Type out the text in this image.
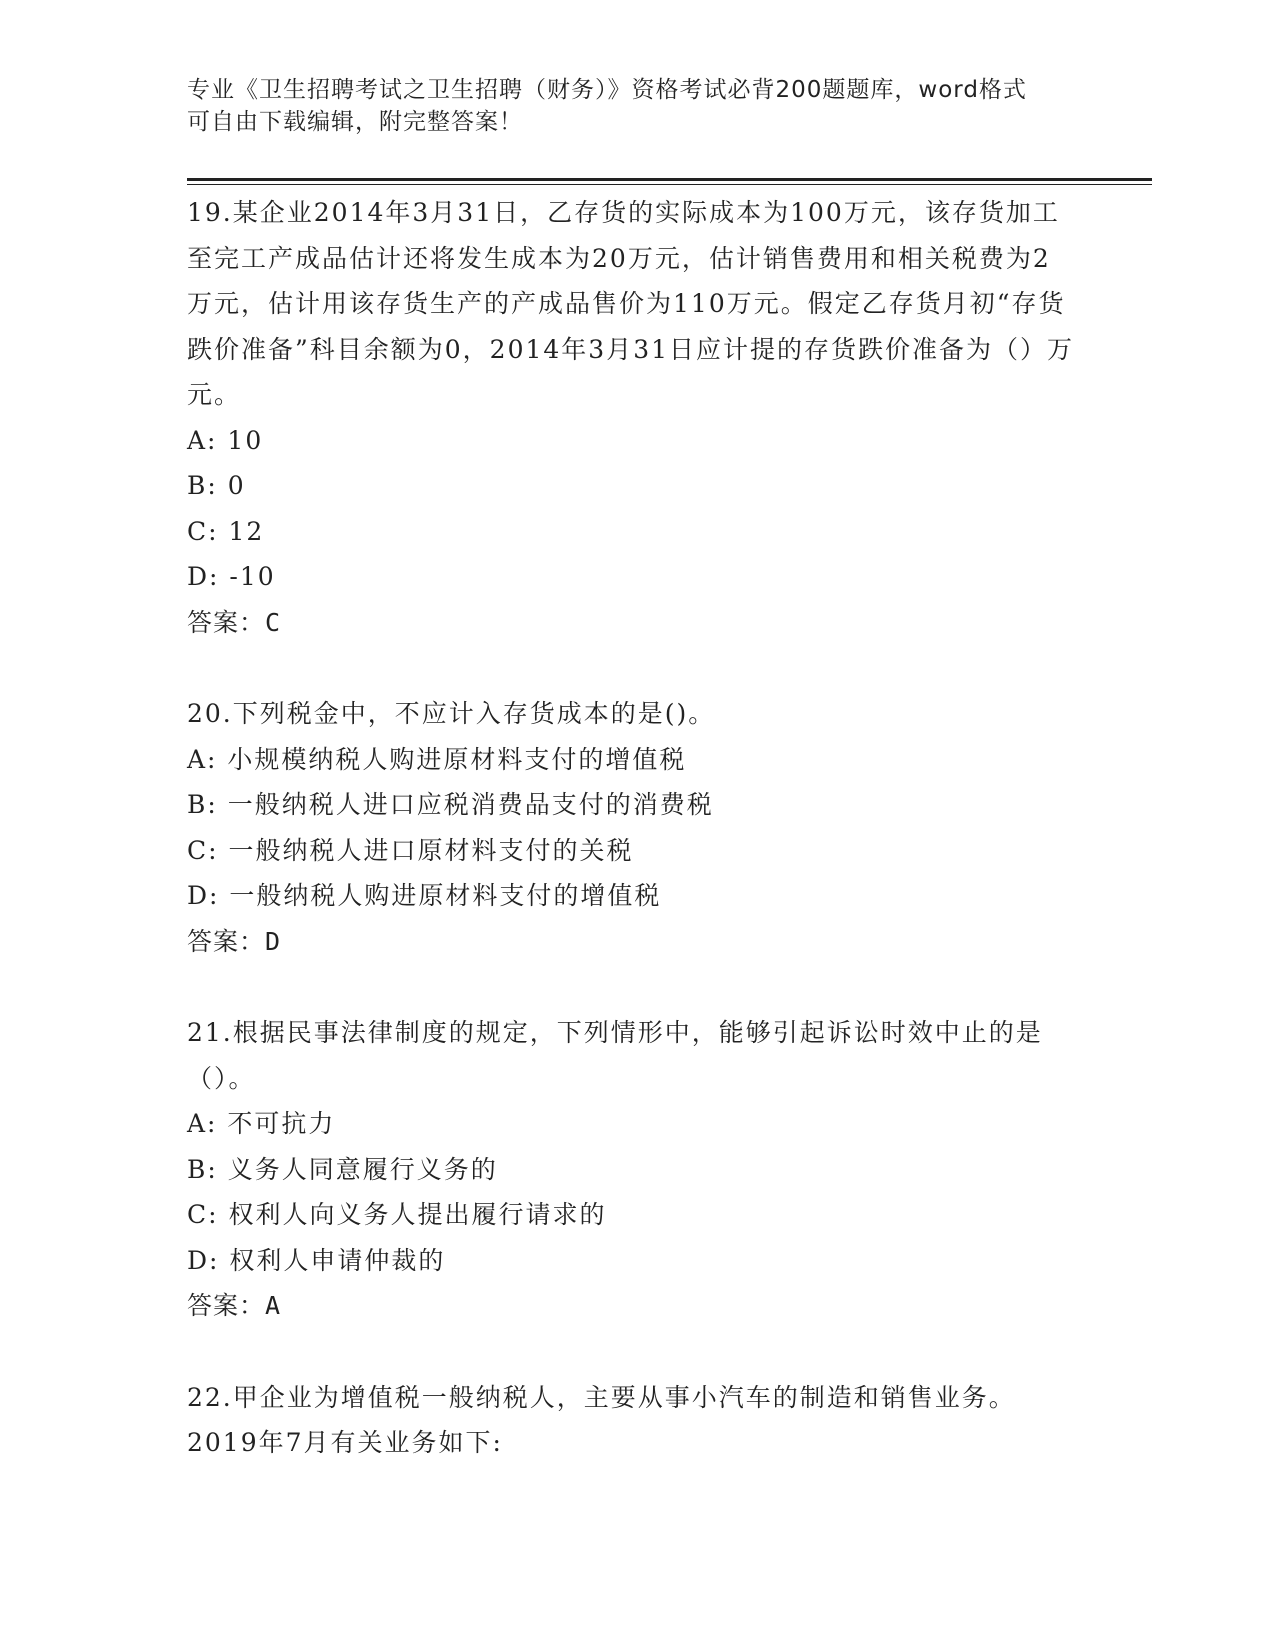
专业《卫生招聘考试之卫生招聘（财务）》资格考试必背200题题库，word格式
可自由下载编辑，附完整答案！
19.某企业2014年3月31日，乙存货的实际成本为100万元，该存货加工至完工产成品估计还将发生成本为20万元，估计销售费用和相关税费为2万元，估计用该存货生产的产成品售价为110万元。假定乙存货月初“存货跌价准备”科目余额为0，2014年3月31日应计提的存货跌价准备为（）万元。
A: 10
B: 0
C: 12
D: -10
答案：C
20.下列税金中，不应计入存货成本的是()。
A: 小规模纳税人购进原材料支付的增值税
B: 一般纳税人进口应税消费品支付的消费税
C: 一般纳税人进口原材料支付的关税
D: 一般纳税人购进原材料支付的增值税
答案：D
21.根据民事法律制度的规定，下列情形中，能够引起诉讼时效中止的是（）。
A: 不可抗力
B: 义务人同意履行义务的
C: 权利人向义务人提出履行请求的
D: 权利人申请仲裁的
答案：A
22.甲企业为增值税一般纳税人，主要从事小汽车的制造和销售业务。2019年7月有关业务如下:
